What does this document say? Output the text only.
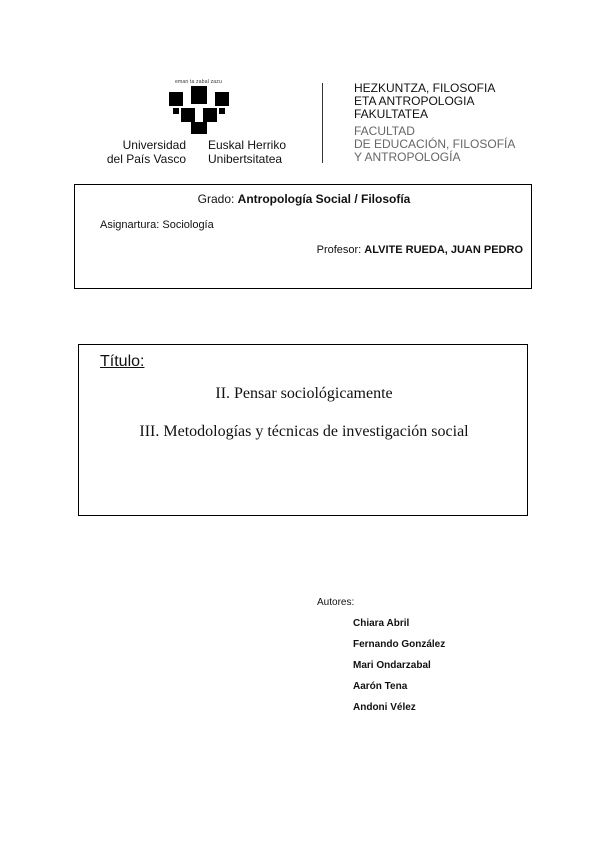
eman ta zabal zazu
Universidad
del País Vasco
Euskal Herriko
Unibertsitatea
HEZKUNTZA, FILOSOFIA
ETA ANTROPOLOGIA
FAKULTATEA
FACULTAD
DE EDUCACIÓN, FILOSOFÍA
Y ANTROPOLOGÍA
Grado: Antropología Social / Filosofía
Asignartura: Sociología
Profesor: ALVITE RUEDA, JUAN PEDRO
Título:
II. Pensar sociológicamente
III. Metodologías y técnicas de investigación social
Autores:
Chiara Abril
Fernando González
Mari Ondarzabal
Aarón Tena
Andoni Vélez
